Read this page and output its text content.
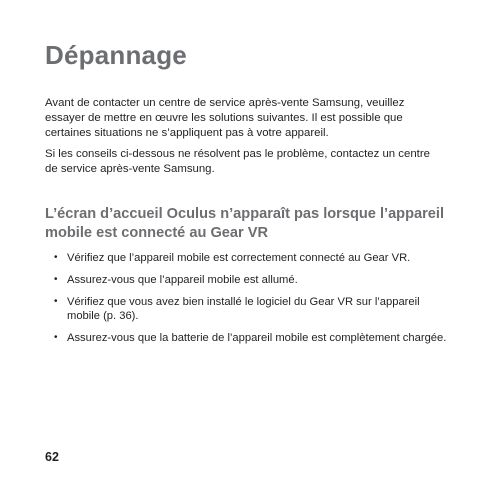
Dépannage

Avant de contacter un centre de service après-vente Samsung, veuillez essayer de mettre en œuvre les solutions suivantes. Il est possible que certaines situations ne s’appliquent pas à votre appareil.

Si les conseils ci-dessous ne résolvent pas le problème, contactez un centre de service après-vente Samsung.

L’écran d’accueil Oculus n’apparaît pas lorsque l’appareil mobile est connecté au Gear VR
• Vérifiez que l’appareil mobile est correctement connecté au Gear VR.
• Assurez-vous que l’appareil mobile est allumé.
• Vérifiez que vous avez bien installé le logiciel du Gear VR sur l’appareil mobile (p. 36).
• Assurez-vous que la batterie de l’appareil mobile est complètement chargée.
62
